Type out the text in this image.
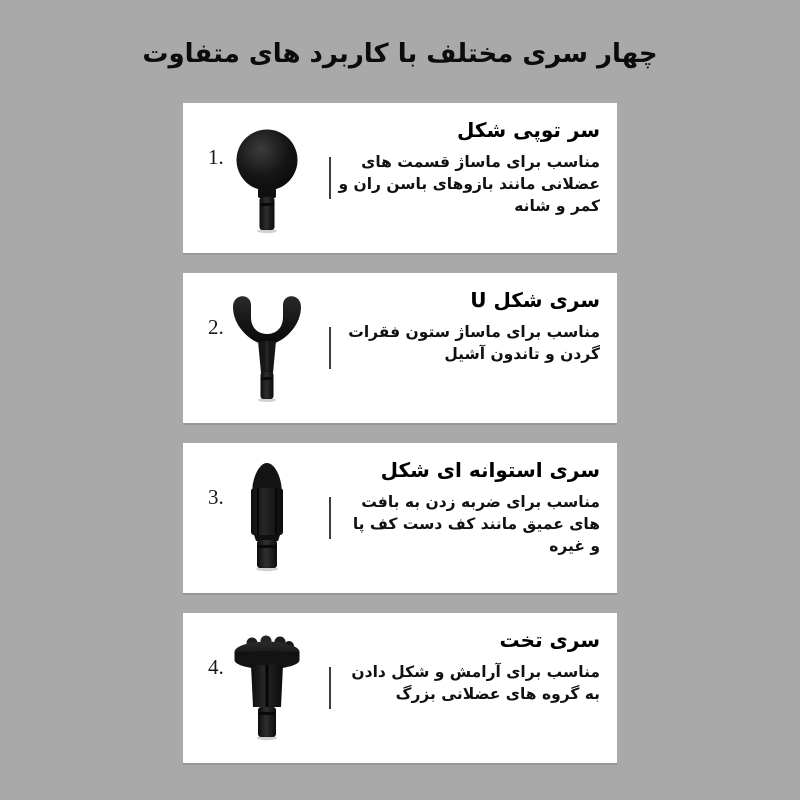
چهار سری مختلف با کاربرد های متفاوت
1.
سر توپی شکل

مناسب برای ماساژ قسمت های عضلانی مانند بازوهای باسن ران و کمر و شانه

2.
سری شکل U

مناسب برای ماساژ ستون فقرات گردن و تاندون آشیل

3.
سری استوانه ای شکل

مناسب برای ضربه زدن به بافت های عمیق مانند کف دست کف پا و غیره

4.
سری تخت

مناسب برای آرامش و شکل دادن به گروه های عضلانی بزرگ
